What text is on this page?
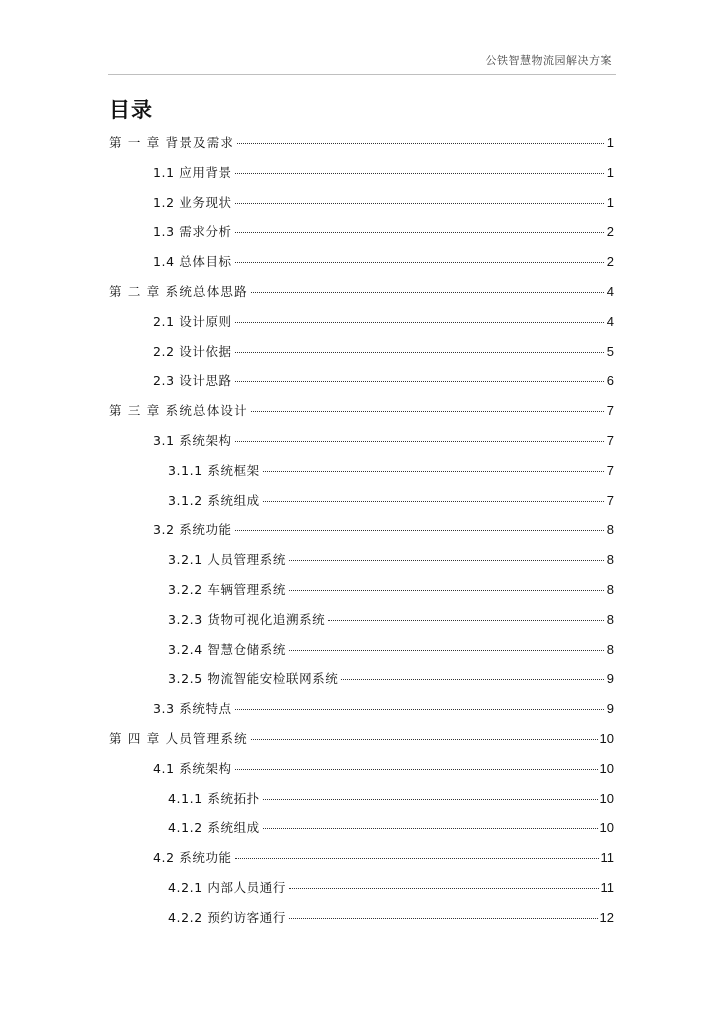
公铁智慧物流园解决方案
目录
第 一 章 背景及需求	1
1.1 应用背景	1
1.2 业务现状	1
1.3 需求分析	2
1.4 总体目标	2
第 二 章 系统总体思路	4
2.1 设计原则	4
2.2 设计依据	5
2.3 设计思路	6
第 三 章 系统总体设计	7
3.1 系统架构	7
3.1.1 系统框架	7
3.1.2 系统组成	7
3.2 系统功能	8
3.2.1 人员管理系统	8
3.2.2 车辆管理系统	8
3.2.3 货物可视化追溯系统	8
3.2.4 智慧仓储系统	8
3.2.5 物流智能安检联网系统	9
3.3 系统特点	9
第 四 章 人员管理系统	10
4.1 系统架构	10
4.1.1 系统拓扑	10
4.1.2 系统组成	10
4.2 系统功能	11
4.2.1 内部人员通行	11
4.2.2 预约访客通行	12
